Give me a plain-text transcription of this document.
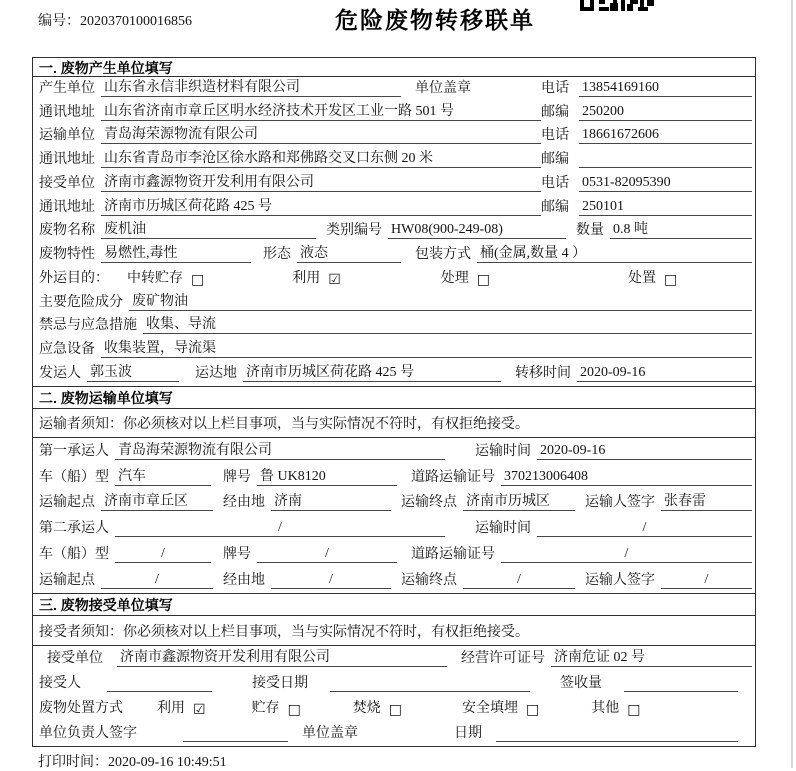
编号：2020370100016856	危险废物转移联单
一. 废物产生单位填写
产生单位 山东省永信非织造材料有限公司	单位盖章	电话 13854169160
通讯地址 山东省济南市章丘区明水经济技术开发区工业一路 501 号	邮编 250200
运输单位 青岛海荣源物流有限公司	电话 18661672606
通讯地址 山东省青岛市李沧区徐水路和郑佛路交叉口东侧 20 米	邮编
接受单位 济南市鑫源物资开发利用有限公司	电话 0531-82095390
通讯地址 济南市历城区荷花路 425 号	邮编 250101
废物名称 废机油	类别编号 HW08(900-249-08)	数量 0.8 吨
废物特性 易燃性,毒性	形态 液态	包装方式 桶(金属,数量 4 ）
外运目的： 中转贮存 □	利用 ☑	处理 □	处置 □
主要危险成分 废矿物油
禁忌与应急措施 收集、导流
应急设备 收集装置，导流渠
发运人 郭玉波	运达地 济南市历城区荷花路 425 号	转移时间 2020-09-16
二. 废物运输单位填写
运输者须知：你必须核对以上栏目事项，当与实际情况不符时，有权拒绝接受。
第一承运人 青岛海荣源物流有限公司	运输时间 2020-09-16
车（船）型 汽车	牌号 鲁 UK8120	道路运输证号 370213006408
运输起点 济南市章丘区	经由地 济南	运输终点 济南市历城区	运输人签字 张春雷
第二承运人	/	运输时间	/
车（船）型	/	牌号	/	道路运输证号	/
运输起点	/	经由地	/	运输终点	/	运输人签字	/
三. 废物接受单位填写
接受者须知：你必须核对以上栏目事项，当与实际情况不符时，有权拒绝接受。
接受单位 济南市鑫源物资开发利用有限公司	经营许可证号 济南危证 02 号
接受人	接受日期	签收量
废物处置方式 利用 ☑	贮存 □	焚烧 □	安全填埋 □	其他 □
单位负责人签字	单位盖章	日期
打印时间：2020-09-16 10:49:51
